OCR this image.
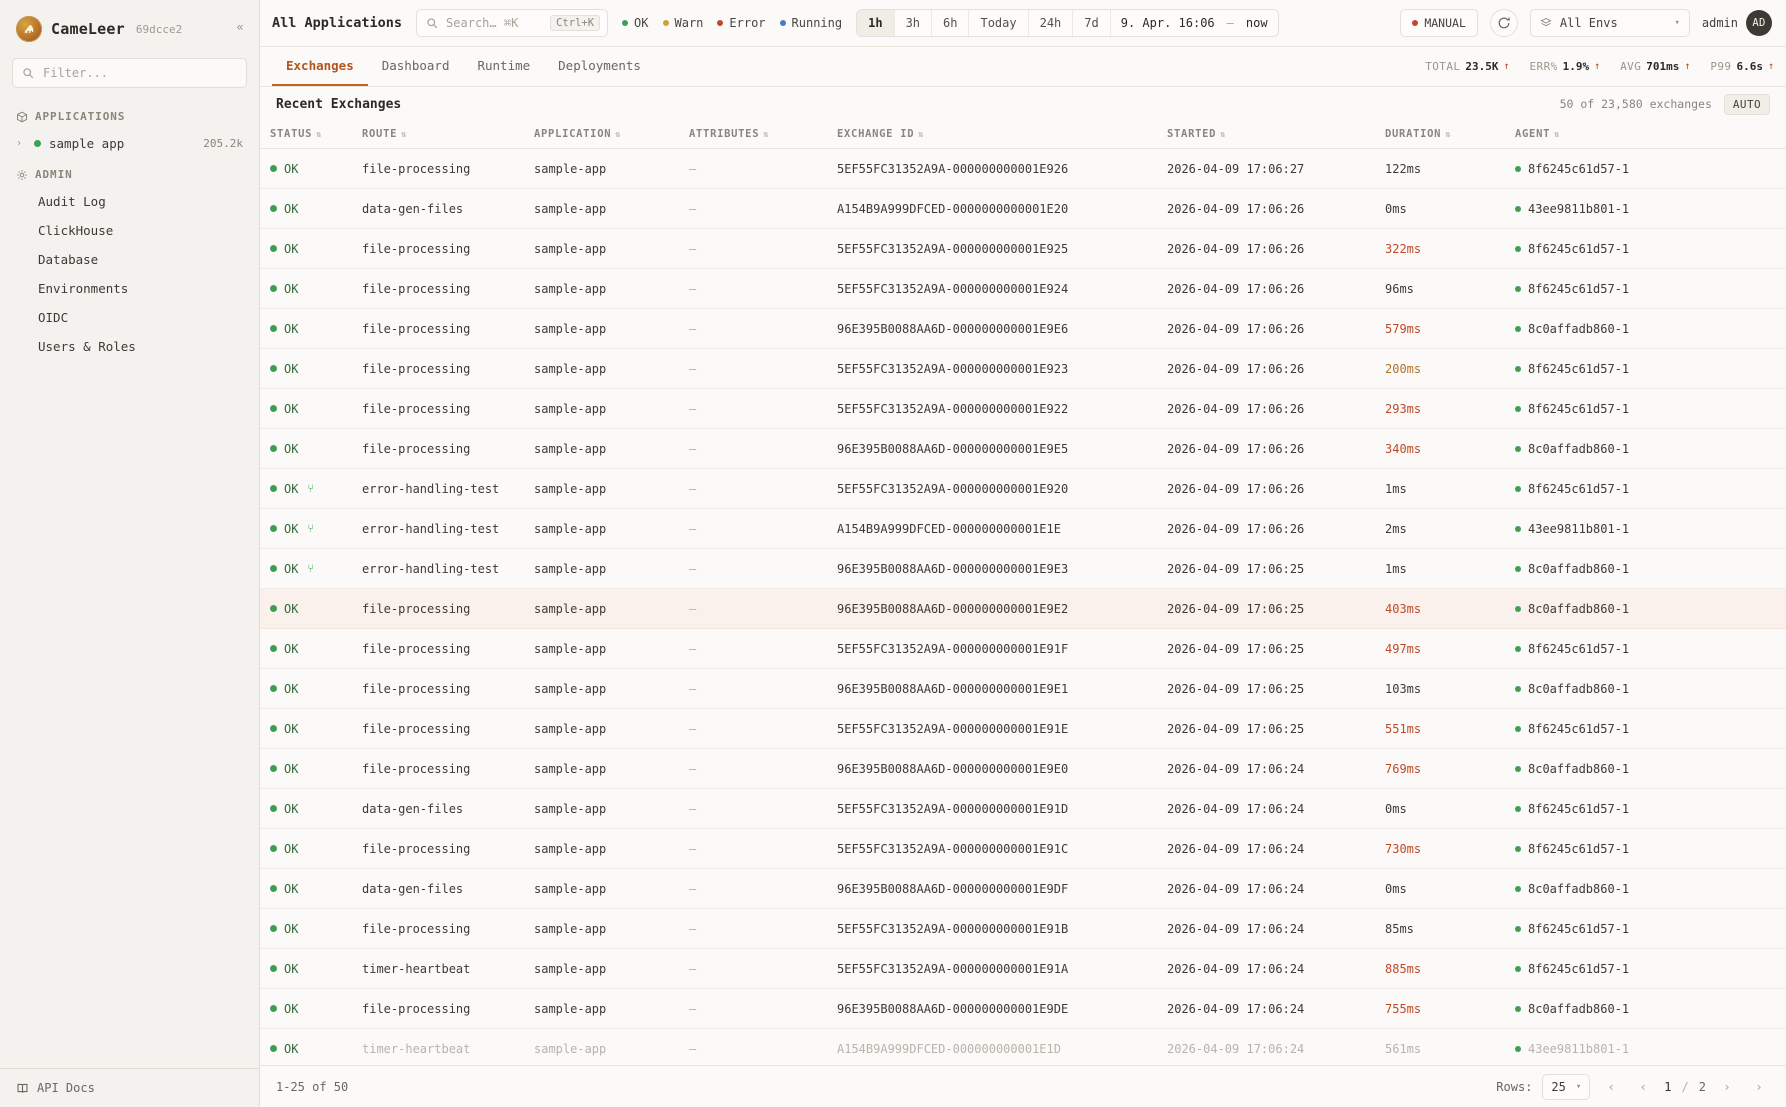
CameLeer 69dcce2	«
Filter...
APPLICATIONS
›	sample app	205.2k
ADMIN
Audit Log
ClickHouse
Database
Environments
OIDC
Users & Roles
API Docs
All Applications	Search… ⌘K	Ctrl+K	OK Warn Error Running	1h	3h	6h	Today	24h	7d	9. Apr. 16:06	—	now	MANUAL	All Envs	▾ admin	AD
Exchanges	Dashboard	Runtime	Deployments	TOTAL 23.5K ↑ ERR% 1.9% ↑ AVG 701ms ↑ P99 6.6s ↑
Recent Exchanges	50 of 23,580 exchanges	AUTO
STATUS ⇅	ROUTE ⇅	APPLICATION ⇅	ATTRIBUTES ⇅	EXCHANGE ID ⇅	STARTED ⇅	DURATION ⇅	AGENT ⇅

OK	file-processing	sample-app	—	5EF55FC31352A9A-000000000001E926	2026-04-09 17:06:27	122ms	8f6245c61d57-1

OK	data-gen-files	sample-app	—	A154B9A999DFCED-0000000000001E20	2026-04-09 17:06:26	0ms	43ee9811b801-1

OK	file-processing	sample-app	—	5EF55FC31352A9A-000000000001E925	2026-04-09 17:06:26	322ms	8f6245c61d57-1

OK	file-processing	sample-app	—	5EF55FC31352A9A-000000000001E924	2026-04-09 17:06:26	96ms	8f6245c61d57-1

OK	file-processing	sample-app	—	96E395B0088AA6D-000000000001E9E6	2026-04-09 17:06:26	579ms	8c0affadb860-1

OK	file-processing	sample-app	—	5EF55FC31352A9A-000000000001E923	2026-04-09 17:06:26	200ms	8f6245c61d57-1

OK	file-processing	sample-app	—	5EF55FC31352A9A-000000000001E922	2026-04-09 17:06:26	293ms	8f6245c61d57-1

OK	file-processing	sample-app	—	96E395B0088AA6D-000000000001E9E5	2026-04-09 17:06:26	340ms	8c0affadb860-1

OK ⑂	error-handling-test	sample-app	—	5EF55FC31352A9A-000000000001E920	2026-04-09 17:06:26	1ms	8f6245c61d57-1

OK ⑂	error-handling-test	sample-app	—	A154B9A999DFCED-000000000001E1E	2026-04-09 17:06:26	2ms	43ee9811b801-1

OK ⑂	error-handling-test	sample-app	—	96E395B0088AA6D-000000000001E9E3	2026-04-09 17:06:25	1ms	8c0affadb860-1

OK	file-processing	sample-app	—	96E395B0088AA6D-000000000001E9E2	2026-04-09 17:06:25	403ms	8c0affadb860-1

OK	file-processing	sample-app	—	5EF55FC31352A9A-000000000001E91F	2026-04-09 17:06:25	497ms	8f6245c61d57-1

OK	file-processing	sample-app	—	96E395B0088AA6D-000000000001E9E1	2026-04-09 17:06:25	103ms	8c0affadb860-1

OK	file-processing	sample-app	—	5EF55FC31352A9A-000000000001E91E	2026-04-09 17:06:25	551ms	8f6245c61d57-1

OK	file-processing	sample-app	—	96E395B0088AA6D-000000000001E9E0	2026-04-09 17:06:24	769ms	8c0affadb860-1

OK	data-gen-files	sample-app	—	5EF55FC31352A9A-000000000001E91D	2026-04-09 17:06:24	0ms	8f6245c61d57-1

OK	file-processing	sample-app	—	5EF55FC31352A9A-000000000001E91C	2026-04-09 17:06:24	730ms	8f6245c61d57-1

OK	data-gen-files	sample-app	—	96E395B0088AA6D-000000000001E9DF	2026-04-09 17:06:24	0ms	8c0affadb860-1

OK	file-processing	sample-app	—	5EF55FC31352A9A-000000000001E91B	2026-04-09 17:06:24	85ms	8f6245c61d57-1

OK	timer-heartbeat	sample-app	—	5EF55FC31352A9A-000000000001E91A	2026-04-09 17:06:24	885ms	8f6245c61d57-1

OK	file-processing	sample-app	—	96E395B0088AA6D-000000000001E9DE	2026-04-09 17:06:24	755ms	8c0affadb860-1

OK	timer-heartbeat	sample-app	—	A154B9A999DFCED-000000000001E1D	2026-04-09 17:06:24	561ms	43ee9811b801-1
1-25 of 50	Rows: 25 ▾	‹	‹	1 / 2	›	›
